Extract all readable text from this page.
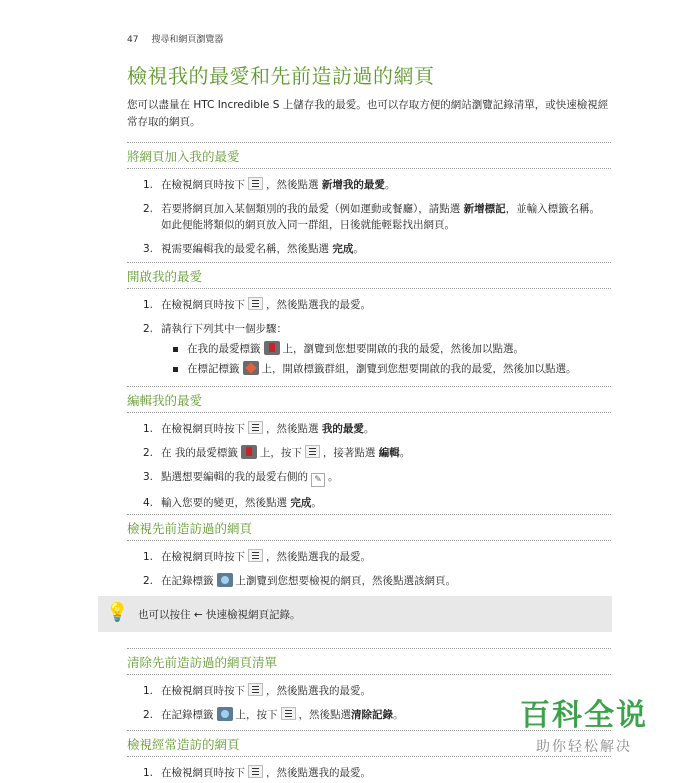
47 搜尋和網頁瀏覽器
檢視我的最愛和先前造訪過的網頁
您可以盡量在 HTC Incredible S 上儲存我的最愛。也可以存取方便的網站瀏覽記錄清單，或快速檢視經常存取的網頁。
將網頁加入我的最愛
1. 在檢視網頁時按下 ，然後點選 新增我的最愛。
2. 若要將網頁加入某個類別的我的最愛（例如運動或餐廳），請點選 新增標記，並輸入標籤名稱。 如此便能將類似的網頁放入同一群組，日後就能輕鬆找出網頁。
3. 視需要編輯我的最愛名稱，然後點選 完成。
開啟我的最愛
1. 在檢視網頁時按下 ，然後點選我的最愛。
2. 請執行下列其中一個步驟：
在我的最愛標籤 上，瀏覽到您想要開啟的我的最愛，然後加以點選。
在標記標籤 上，開啟標籤群組，瀏覽到您想要開啟的我的最愛，然後加以點選。
編輯我的最愛
1. 在檢視網頁時按下 ，然後點選 我的最愛。
2. 在 我的最愛標籤 上，按下 ，接著點選 編輯。
3. 點選想要編輯的我的最愛右側的 ✎ 。
4. 輸入您要的變更，然後點選 完成。
檢視先前造訪過的網頁
1. 在檢視網頁時按下 ，然後點選我的最愛。
2. 在記錄標籤 上瀏覽到您想要檢視的網頁，然後點選該網頁。
💡 也可以按住 ← 快速檢視網頁記錄。
清除先前造訪過的網頁清單
1. 在檢視網頁時按下 ，然後點選我的最愛。
2. 在記錄標籤 上，按下 ，然後點選清除記錄。
檢視經常造訪的網頁
1. 在檢視網頁時按下 ，然後點選我的最愛。
百科全说
助你轻松解决
